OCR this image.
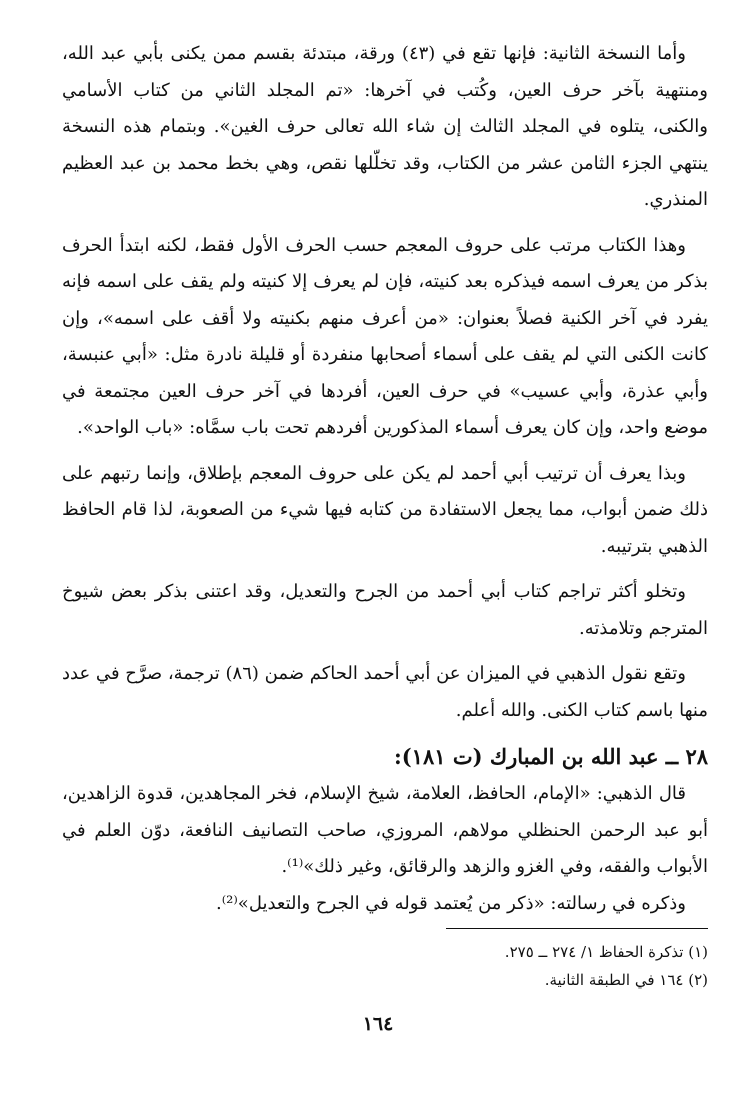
وأما النسخة الثانية: فإنها تقع في (٤٣) ورقة، مبتدئة بقسم ممن يكنى بأبي عبد الله، ومنتهية بآخر حرف العين، وكُتب في آخرها: «تم المجلد الثاني من كتاب الأسامي والكنى، يتلوه في المجلد الثالث إن شاء الله تعالى حرف الغين». وبتمام هذه النسخة ينتهي الجزء الثامن عشر من الكتاب، وقد تخلّلها نقص، وهي بخط محمد بن عبد العظيم المنذري.

وهذا الكتاب مرتب على حروف المعجم حسب الحرف الأول فقط، لكنه ابتدأ الحرف بذكر من يعرف اسمه فيذكره بعد كنيته، فإن لم يعرف إلا كنيته ولم يقف على اسمه فإنه يفرد في آخر الكنية فصلاً بعنوان: «من أعرف منهم بكنيته ولا أقف على اسمه»، وإن كانت الكنى التي لم يقف على أسماء أصحابها منفردة أو قليلة نادرة مثل: «أبي عنبسة، وأبي عذرة، وأبي عسيب» في حرف العين، أفردها في آخر حرف العين مجتمعة في موضع واحد، وإن كان يعرف أسماء المذكورين أفردهم تحت باب سمَّاه: «باب الواحد».

وبذا يعرف أن ترتيب أبي أحمد لم يكن على حروف المعجم بإطلاق، وإنما رتبهم على ذلك ضمن أبواب، مما يجعل الاستفادة من كتابه فيها شيء من الصعوبة، لذا قام الحافظ الذهبي بترتيبه.

وتخلو أكثر تراجم كتاب أبي أحمد من الجرح والتعديل، وقد اعتنى بذكر بعض شيوخ المترجم وتلامذته.

وتقع نقول الذهبي في الميزان عن أبي أحمد الحاكم ضمن (٨٦) ترجمة، صرَّح في عدد منها باسم كتاب الكنى. والله أعلم.

٢٨ ــ عبد الله بن المبارك (ت ١٨١):

قال الذهبي: «الإمام، الحافظ، العلامة، شيخ الإسلام، فخر المجاهدين، قدوة الزاهدين، أبو عبد الرحمن الحنظلي مولاهم، المروزي، صاحب التصانيف النافعة، دوّن العلم في الأبواب والفقه، وفي الغزو والزهد والرقائق، وغير ذلك»⁽¹⁾.

وذكره في رسالته: «ذكر من يُعتمد قوله في الجرح والتعديل»⁽²⁾.

(١) تذكرة الحفاظ ١/ ٢٧٤ ــ ٢٧٥.

(٢) ١٦٤ في الطبقة الثانية.

١٦٤
